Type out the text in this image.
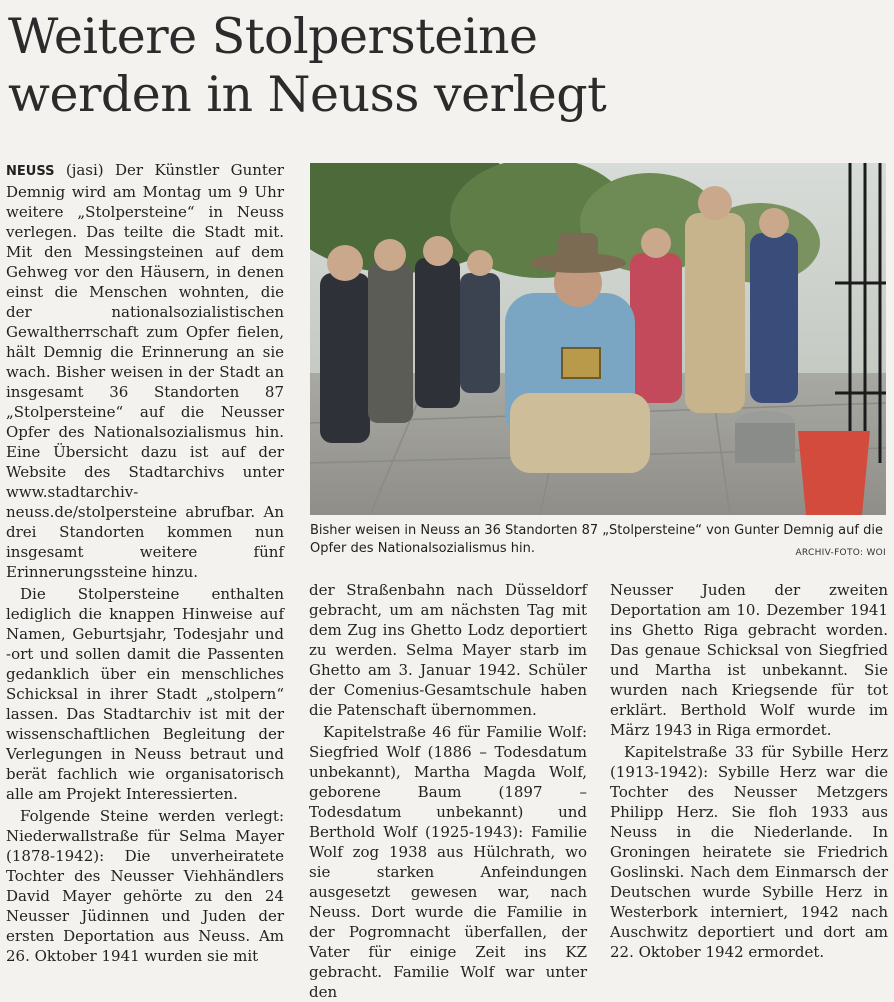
Weitere Stolpersteine werden in Neuss verlegt

NEUSS (jasi) Der Künstler Gunter Demnig wird am Montag um 9 Uhr weitere „Stolpersteine“ in Neuss verlegen. Das teilte die Stadt mit. Mit den Messingsteinen auf dem Gehweg vor den Häusern, in denen einst die Menschen wohnten, die der nationalsozialistischen Gewaltherrschaft zum Opfer fielen, hält Demnig die Erinnerung an sie wach. Bisher weisen in der Stadt an insgesamt 36 Standorten 87 „Stolpersteine“ auf die Neusser Opfer des Nationalsozialismus hin. Eine Übersicht dazu ist auf der Website des Stadtarchivs unter www.stadtarchiv-neuss.de/stolpersteine abrufbar. An drei Standorten kommen nun insgesamt weitere fünf Erinnerungssteine hinzu.

Die Stolpersteine enthalten lediglich die knappen Hinweise auf Namen, Geburtsjahr, Todesjahr und -ort und sollen damit die Passenten gedanklich über ein menschliches Schicksal in ihrer Stadt „stolpern“ lassen. Das Stadtarchiv ist mit der wissenschaftlichen Begleitung der Verlegungen in Neuss betraut und berät fachlich wie organisatorisch alle am Projekt Interessierten.

Folgende Steine werden verlegt: Niederwallstraße für Selma Mayer (1878-1942): Die unverheiratete Tochter des Neusser Viehhändlers David Mayer gehörte zu den 24 Neusser Jüdinnen und Juden der ersten Deportation aus Neuss. Am 26. Oktober 1941 wurden sie mit

Bisher weisen in Neuss an 36 Standorten 87 „Stolpersteine“ von Gunter Demnig auf die Opfer des Nationalsozialismus hin.	ARCHIV-FOTO: WOI

der Straßenbahn nach Düsseldorf gebracht, um am nächsten Tag mit dem Zug ins Ghetto Lodz deportiert zu werden. Selma Mayer starb im Ghetto am 3. Januar 1942. Schüler der Comenius-Gesamtschule haben die Patenschaft übernommen.

Kapitelstraße 46 für Familie Wolf: Siegfried Wolf (1886 – Todesdatum unbekannt), Martha Magda Wolf, geborene Baum (1897 – Todesdatum unbekannt) und Berthold Wolf (1925-1943): Familie Wolf zog 1938 aus Hülchrath, wo sie starken Anfeindungen ausgesetzt gewesen war, nach Neuss. Dort wurde die Familie in der Pogromnacht überfallen, der Vater für einige Zeit ins KZ gebracht. Familie Wolf war unter den

Neusser Juden der zweiten Deportation am 10. Dezember 1941 ins Ghetto Riga gebracht worden. Das genaue Schicksal von Siegfried und Martha ist unbekannt. Sie wurden nach Kriegsende für tot erklärt. Berthold Wolf wurde im März 1943 in Riga ermordet.

Kapitelstraße 33 für Sybille Herz (1913-1942): Sybille Herz war die Tochter des Neusser Metzgers Philipp Herz. Sie floh 1933 aus Neuss in die Niederlande. In Groningen heiratete sie Friedrich Goslinski. Nach dem Einmarsch der Deutschen wurde Sybille Herz in Westerbork interniert, 1942 nach Auschwitz deportiert und dort am 22. Oktober 1942 ermordet.
